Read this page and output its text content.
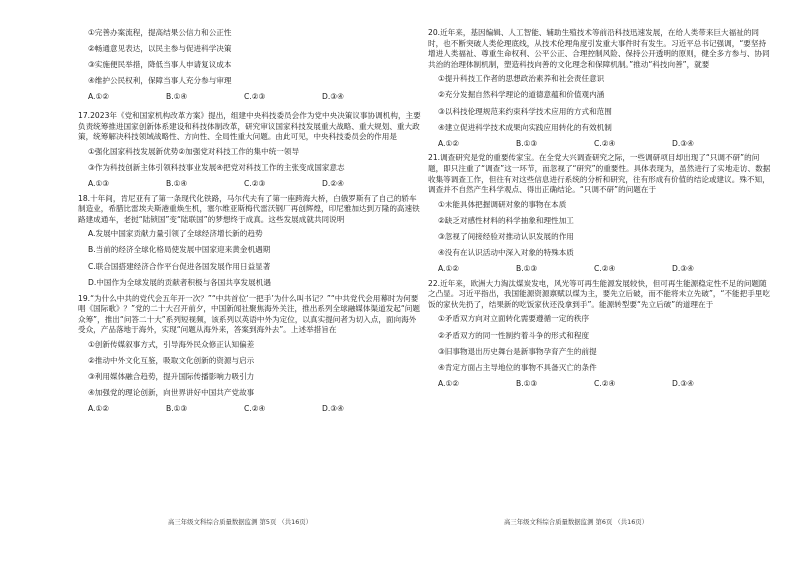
①完善办案流程，提高结果公信力和公正性

②畅通意见表达，以民主参与促进科学决策

③实施便民举措，降低当事人申请复议成本

④维护公民权利，保障当事人充分参与审理

A.①②	B.①④	C.②③	D.③④

17.2023年《党和国家机构改革方案》提出，组建中央科技委员会作为党中央决策议事协调机构，主要负责统筹推进国家创新体系建设和科技体制改革，研究审议国家科技发展重大战略、重大规划、重大政策，统筹解决科技领域战略性、方向性、全局性重大问题。由此可见，中央科技委员会的作用是

①强化国家科技发展新优势②加强党对科技工作的集中统一领导

③作为科技创新主体引领科技事业发展④把党对科技工作的主张变成国家意志

A.①③	B.①④	C.②③	D.②④

18.十年间，肯尼亚有了第一条现代化铁路，马尔代夫有了第一座跨海大桥，白俄罗斯有了自己的轿车制造业，希腊比雷埃夫斯港重焕生机，塞尔维亚斯梅代雷沃钢厂再创辉煌，印尼雅加达到万隆的高速铁路建成通车，老挝“陆锁国”变“陆联国”的梦想终于成真。这些发展成就共同说明

A.发展中国家贡献力量引领了全球经济增长新的趋势

B.当前的经济全球化格局使发展中国家迎来黄金机遇期

C.联合国搭建经济合作平台促进各国发展作用日益显著

D.中国作为全球发展的贡献者积极与各国共享发展机遇

19.“为什么中共的党代会五年开一次？”“中共首位‘一把手’为什么叫书记？”“中共党代会用幕时为何要唱《国际歌》？”党的二十大召开前夕，中国新闻社聚焦海外关注，推出系列全球融媒体渠道发起“问题众筹”，推出“问答二十大”系列短视频，该系列以英语中外为定位，以真实提问者为切入点，面向海外受众，产品落地于海外，实现“问题从海外来，答案到海外去”。上述举措旨在

①创新传媒叙事方式，引导海外民众修正认知偏差

②推动中外文化互鉴，吸取文化创新的资源与启示

③利用媒体融合趋势，提升国际传播影响力吸引力

④加强党的理论创新，向世界讲好中国共产党故事

A.①②	B.①③	C.②④	D.③④

20.近年来，基因编辑、人工智能、辅助生殖技术等前沿科技迅速发展，在给人类带来巨大福祉的同时，也不断突破人类伦理底线，从技术伦理角度引发重大事件时有发生。习近平总书记强调，“要坚持增进人类福祉、尊重生命权利、公平公正、合理控制风险、保持公开透明的原则，健全多方参与、协同共治的治理体制机制，塑造科技向善的文化理念和保障机制。”推动“科技向善”，就要

①提升科技工作者的思想政治素养和社会责任意识

②充分发掘自然科学理论的道德意蕴和价值观内涵

③以科技伦理规范来约束科学技术应用的方式和范围

④建立促进科学技术成果向实践应用转化的有效机制

A.①②	B.①③	C.②④	D.③④

21.调查研究是党的重要传家宝。在全党大兴调查研究之际，一些调研项目却出现了“只调不研”的问题，即只注重了“调查”这一环节，而忽视了“研究”的重要性。具体表现为，虽然进行了实地走访、数据收集等调查工作，但往有对这些信息进行系统的分析和研究，往有形成有价值的结论或建议。殊不知，调查并不自然产生科学观点、得出正确结论。“只调不研”的问题在于

①未能具体把握调研对象的事物在本质

②缺乏对感性材料的科学抽象和理性加工

③忽视了间接经验对推动认识发展的作用

④没有在认识活动中深入对象的特殊本质

A.①②	B.①③	C.②④	D.③④

22.近年来，欧洲大力淘汰煤炭发电，风光等可再生能源发展较快，但可再生能源稳定性不足的问题随之凸显。习近平指出，我国能源资源禀赋以煤为主，要先立后破，而不能将未立先破”，“不能把手里吃饭的家伙先扔了，结果新的吃饭家伙还没拿到手”。能源转型要“先立后破”的道理在于

①矛盾双方向对立面转化需要遵循一定的秩序

②矛盾双方的同一性制约着斗争的形式和程度

③旧事物退出历史舞台是新事物孕育产生的前提

④肯定方面占主导地位的事物不具备灭亡的条件

A.①②	B.①③	C.②④	D.③④
高三年级文科综合质量数据监测 第5页 （共16页）	高三年级文科综合质量数据监测 第6页 （共16页）
